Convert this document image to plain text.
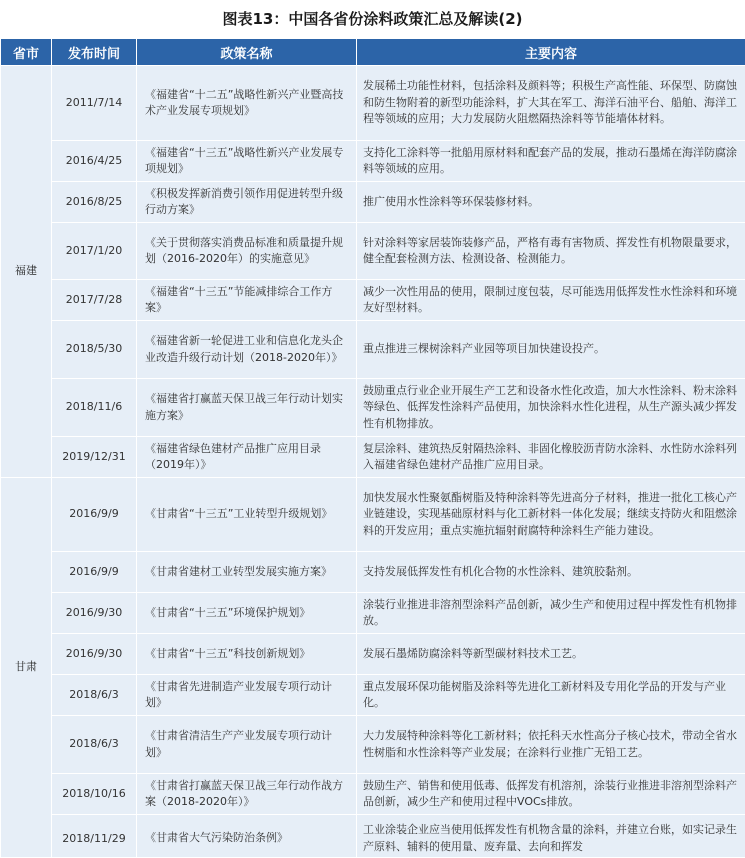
图表13：中国各省份涂料政策汇总及解读(2)
省市	发布时间	政策名称	主要内容
福建	2011/7/14	《福建省“十二五”战略性新兴产业暨高技术产业发展专项规划》	发展稀土功能性材料，包括涂料及颜料等；积极生产高性能、环保型、防腐蚀和防生物附着的新型功能涂料，扩大其在军工、海洋石油平台、船舶、海洋工程等领域的应用；大力发展防火阻燃隔热涂料等节能墙体材料。
	2016/4/25	《福建省“十三五”战略性新兴产业发展专项规划》	支持化工涂料等一批船用原材料和配套产品的发展，推动石墨烯在海洋防腐涂料等领域的应用。
	2016/8/25	《积极发挥新消费引领作用促进转型升级行动方案》	推广使用水性涂料等环保装修材料。
	2017/1/20	《关于贯彻落实消费品标准和质量提升规划（2016-2020年）的实施意见》	针对涂料等家居装饰装修产品，严格有毒有害物质、挥发性有机物限量要求，健全配套检测方法、检测设备、检测能力。
	2017/7/28	《福建省“十三五”节能减排综合工作方案》	减少一次性用品的使用，限制过度包装，尽可能选用低挥发性水性涂料和环境友好型材料。
	2018/5/30	《福建省新一轮促进工业和信息化龙头企业改造升级行动计划（2018-2020年）》	重点推进三棵树涂料产业园等项目加快建设投产。
	2018/11/6	《福建省打赢蓝天保卫战三年行动计划实施方案》	鼓励重点行业企业开展生产工艺和设备水性化改造，加大水性涂料、粉末涂料等绿色、低挥发性涂料产品使用，加快涂料水性化进程，从生产源头减少挥发性有机物排放。
	2019/12/31	《福建省绿色建材产品推广应用目录（2019年）》	复层涂料、建筑热反射隔热涂料、非固化橡胶沥青防水涂料、水性防水涂料列入福建省绿色建材产品推广应用目录。
甘肃	2016/9/9	《甘肃省“十三五”工业转型升级规划》	加快发展水性聚氨酯树脂及特种涂料等先进高分子材料，推进一批化工核心产业链建设，实现基础原材料与化工新材料一体化发展；继续支持防火和阻燃涂料的开发应用；重点实施抗辐射耐腐特种涂料生产能力建设。
	2016/9/9	《甘肃省建材工业转型发展实施方案》	支持发展低挥发性有机化合物的水性涂料、建筑胶黏剂。
	2016/9/30	《甘肃省“十三五”环境保护规划》	涂装行业推进非溶剂型涂料产品创新，减少生产和使用过程中挥发性有机物排放。
	2016/9/30	《甘肃省“十三五”科技创新规划》	发展石墨烯防腐涂料等新型碳材料技术工艺。
	2018/6/3	《甘肃省先进制造产业发展专项行动计划》	重点发展环保功能树脂及涂料等先进化工新材料及专用化学品的开发与产业化。
	2018/6/3	《甘肃省清洁生产产业发展专项行动计划》	大力发展特种涂料等化工新材料；依托科天水性高分子核心技术，带动全省水性树脂和水性涂料等产业发展；在涂料行业推广无铅工艺。
	2018/10/16	《甘肃省打赢蓝天保卫战三年行动作战方案（2018-2020年）》	鼓励生产、销售和使用低毒、低挥发有机溶剂，涂装行业推进非溶剂型涂料产品创新，减少生产和使用过程中VOCs排放。
	2018/11/29	《甘肃省大气污染防治条例》	工业涂装企业应当使用低挥发性有机物含量的涂料，并建立台账，如实记录生产原料、辅料的使用量、废弃量、去向和挥发
